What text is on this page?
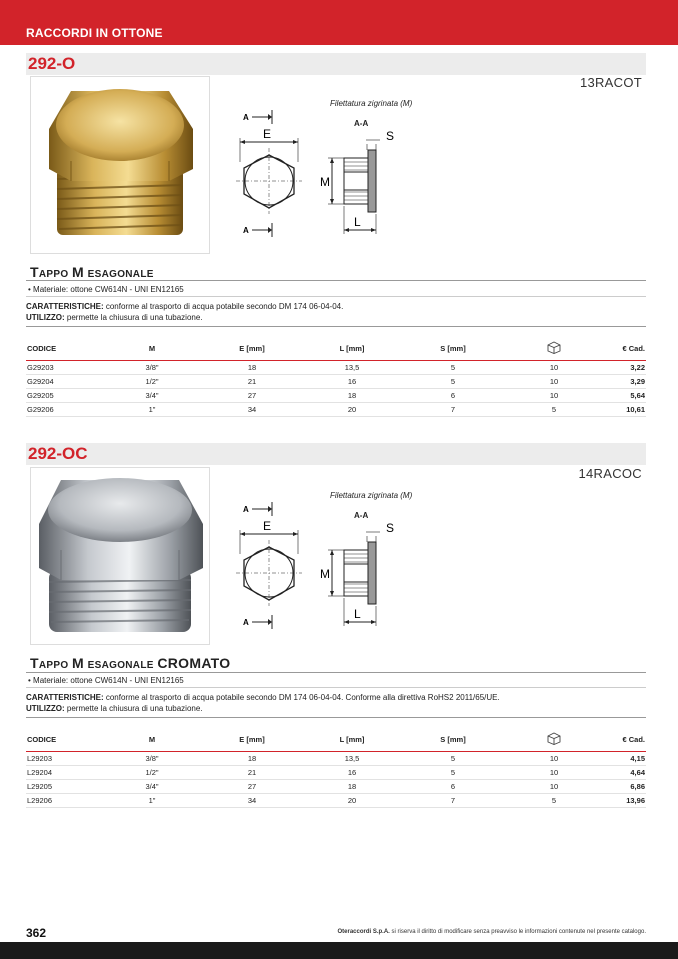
RACCORDI IN OTTONE
292-O
13RACOT
Filettatura zigrinata (M)
A-A
A
E
A
S
M
L
Tappo M ESAGONALE
• Materiale: ottone CW614N - UNI EN12165
CARATTERISTICHE: conforme al trasporto di acqua potabile secondo DM 174 06-04-04.
UTILIZZO: permette la chiusura di una tubazione.
CODICE	M	E [mm]	L [mm]	S [mm]		€ Cad.
G29203	3/8"	18	13,5	5	10	3,22
G29204	1/2"	21	16	5	10	3,29
G29205	3/4"	27	18	6	10	5,64
G29206	1"	34	20	7	5	10,61
292-OC
14RACOC
Filettatura zigrinata (M)
A-A
A
E
A
S
M
L
Tappo M ESAGONALE CROMATO
• Materiale: ottone CW614N - UNI EN12165
CARATTERISTICHE: conforme al trasporto di acqua potabile secondo DM 174 06-04-04. Conforme alla direttiva RoHS2 2011/65/UE.
UTILIZZO: permette la chiusura di una tubazione.
CODICE	M	E [mm]	L [mm]	S [mm]		€ Cad.
L29203	3/8"	18	13,5	5	10	4,15
L29204	1/2"	21	16	5	10	4,64
L29205	3/4"	27	18	6	10	6,86
L29206	1"	34	20	7	5	13,96
362	Oteraccordi S.p.A. si riserva il diritto di modificare senza preavviso le informazioni contenute nel presente catalogo.
